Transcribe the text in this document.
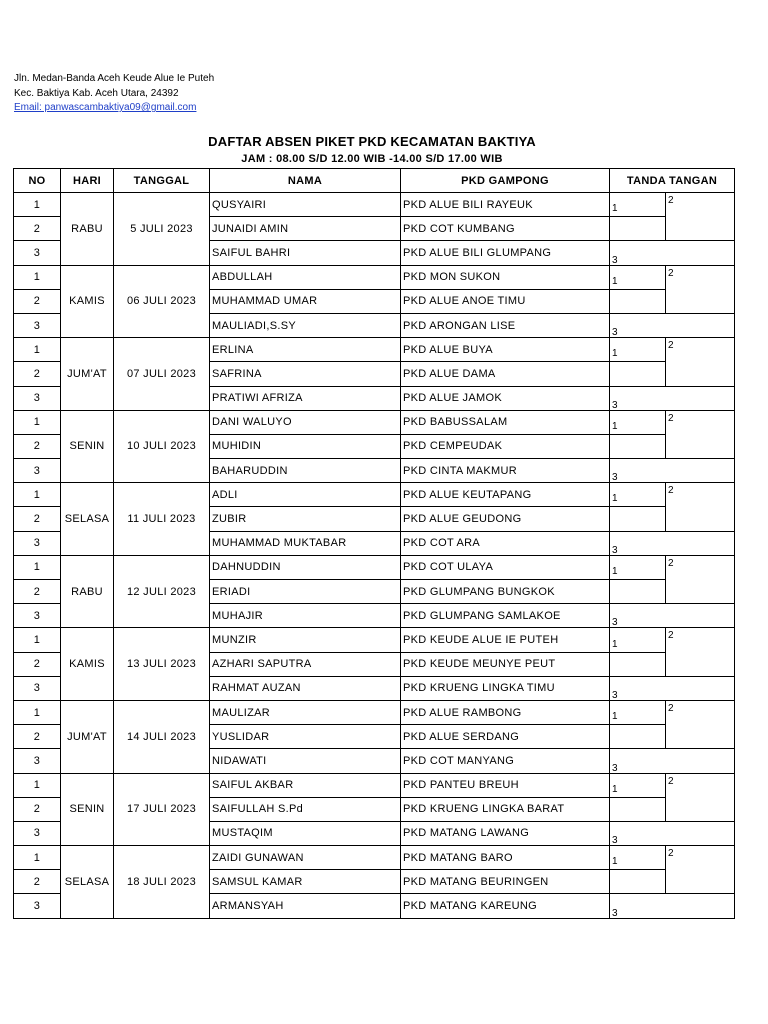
Jln. Medan-Banda Aceh Keude Alue Ie Puteh
Kec. Baktiya Kab. Aceh Utara, 24392
Email: panwascambaktiya09@gmail.com
DAFTAR ABSEN PIKET PKD KECAMATAN BAKTIYA
JAM : 08.00 S/D 12.00 WIB -14.00 S/D 17.00 WIB
NO	HARI	TANGGAL	NAMA	PKD GAMPONG	TANDA TANGAN	
1	RABU	5 JULI 2023	QUSYAIRI	PKD ALUE BILI RAYEUK	1	2

2			JUNAIDI AMIN	PKD COT KUMBANG		
3			SAIFUL BAHRI	PKD ALUE BILI GLUMPANG	3	

1	KAMIS	06 JULI 2023	ABDULLAH	PKD MON SUKON	1	2

2			MUHAMMAD UMAR	PKD ALUE ANOE TIMU		
3			MAULIADI,S.SY	PKD ARONGAN LISE	3	

1	JUM'AT	07 JULI 2023	ERLINA	PKD ALUE BUYA	1	2

2			SAFRINA	PKD ALUE DAMA		
3			PRATIWI AFRIZA	PKD ALUE JAMOK	3	

1	SENIN	10 JULI 2023	DANI WALUYO	PKD BABUSSALAM	1	2

2			MUHIDIN	PKD CEMPEUDAK		
3			BAHARUDDIN	PKD CINTA MAKMUR	3	

1	SELASA	11 JULI 2023	ADLI	PKD ALUE KEUTAPANG	1	2

2			ZUBIR	PKD ALUE GEUDONG		
3			MUHAMMAD MUKTABAR	PKD COT ARA	3	

1	RABU	12 JULI 2023	DAHNUDDIN	PKD COT ULAYA	1	2

2			ERIADI	PKD GLUMPANG BUNGKOK		
3			MUHAJIR	PKD GLUMPANG SAMLAKOE	3	

1	KAMIS	13 JULI 2023	MUNZIR	PKD KEUDE ALUE IE PUTEH	1	2

2			AZHARI SAPUTRA	PKD KEUDE MEUNYE PEUT		
3			RAHMAT AUZAN	PKD KRUENG LINGKA TIMU	3	

1	JUM'AT	14 JULI 2023	MAULIZAR	PKD ALUE RAMBONG	1	2

2			YUSLIDAR	PKD ALUE SERDANG		
3			NIDAWATI	PKD COT MANYANG	3	

1	SENIN	17 JULI 2023	SAIFUL AKBAR	PKD PANTEU BREUH	1	2

2			SAIFULLAH S.Pd	PKD KRUENG LINGKA BARAT		
3			MUSTAQIM	PKD MATANG LAWANG	3	

1	SELASA	18 JULI 2023	ZAIDI GUNAWAN	PKD MATANG BARO	1	2

2			SAMSUL KAMAR	PKD MATANG BEURINGEN		
3			ARMANSYAH	PKD MATANG KAREUNG	3	
